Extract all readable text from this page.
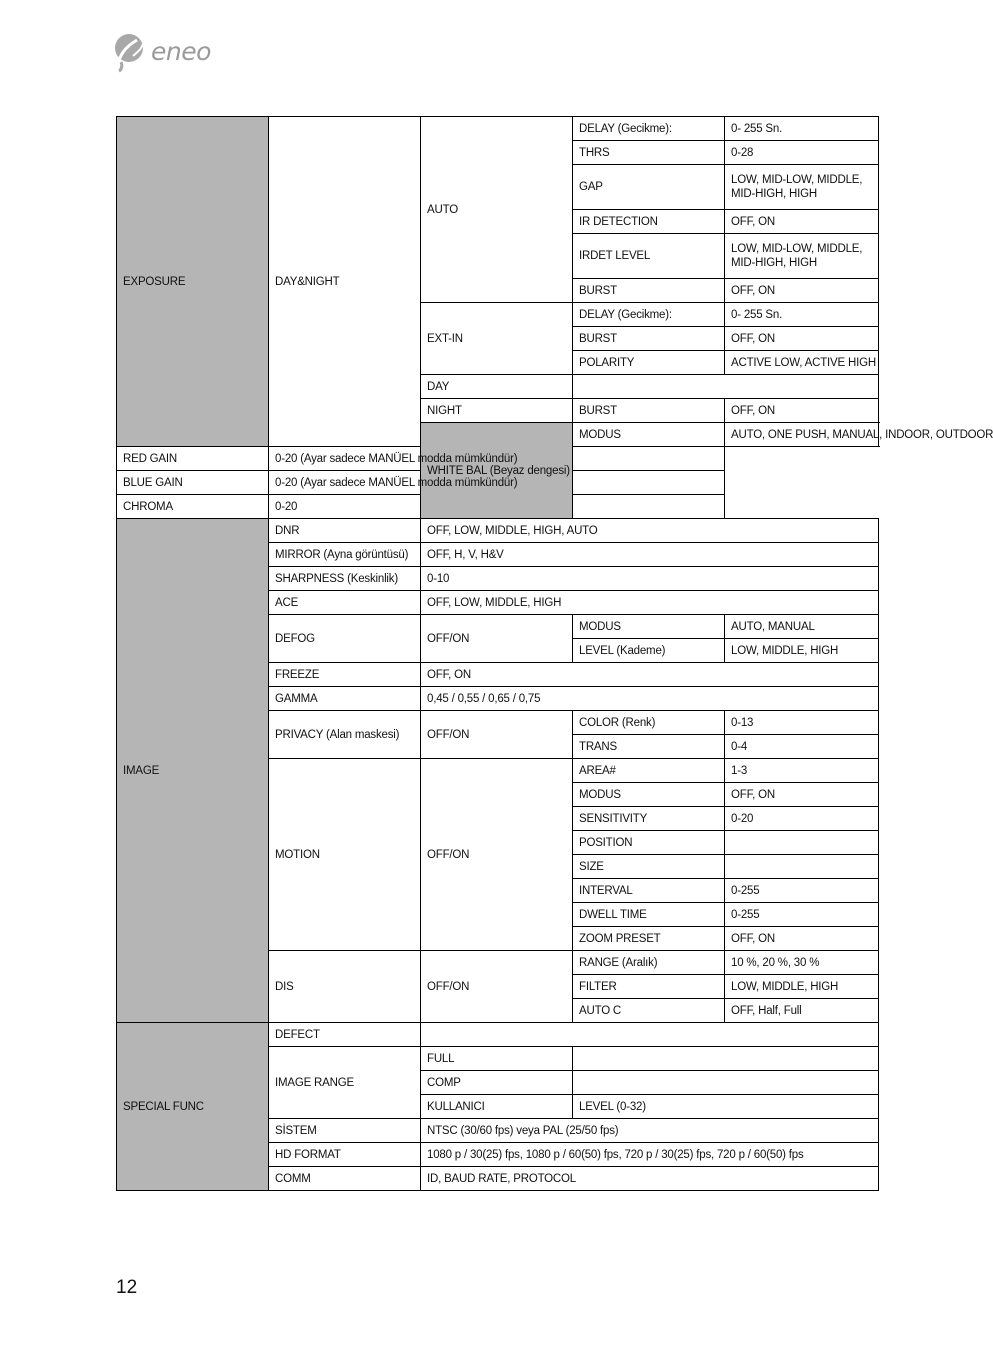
eneo
EXPOSURE	DAY&NIGHT	AUTO	DELAY (Gecikme):	0- 255 Sn.
			THRS	0-28
			GAP	LOW, MID-LOW, MIDDLE, MID-HIGH, HIGH
			IR DETECTION	OFF, ON
			IRDET LEVEL	LOW, MID-LOW, MIDDLE, MID-HIGH, HIGH
			BURST	OFF, ON
		EXT-IN	DELAY (Gecikme):	0- 255 Sn.
			BURST	OFF, ON
			POLARITY	ACTIVE LOW, ACTIVE HIGH
		DAY		
		NIGHT	BURST	OFF, ON
		WHITE BAL (Beyaz dengesi)	MODUS	AUTO, ONE PUSH, MANUAL, INDOOR, OUTDOOR
RED GAIN	0-20 (Ayar sadece MANÜEL modda mümkündür)			
BLUE GAIN	0-20 (Ayar sadece MANÜEL modda mümkündür)			
CHROMA	0-20			
IMAGE	DNR	OFF, LOW, MIDDLE, HIGH, AUTO		
	MIRROR (Ayna görüntüsü)	OFF, H, V, H&V		
	SHARPNESS (Keskinlik)	0-10		
	ACE	OFF, LOW, MIDDLE, HIGH		
	DEFOG	OFF/ON	MODUS	AUTO, MANUAL
			LEVEL (Kademe)	LOW, MIDDLE, HIGH
	FREEZE	OFF, ON		
	GAMMA	0,45 / 0,55 / 0,65 / 0,75		
	PRIVACY (Alan maskesi)	OFF/ON	COLOR (Renk)	0-13
			TRANS	0-4
	MOTION	OFF/ON	AREA#	1-3
			MODUS	OFF, ON
			SENSITIVITY	0-20
			POSITION	
			SIZE	
			INTERVAL	0-255
			DWELL TIME	0-255
			ZOOM PRESET	OFF, ON
	DIS	OFF/ON	RANGE (Aralık)	10 %, 20 %, 30 %
			FILTER	LOW, MIDDLE, HIGH
			AUTO C	OFF, Half, Full
SPECIAL FUNC	DEFECT			
	IMAGE RANGE	FULL		
		COMP		
		KULLANICI	LEVEL (0-32)	
	SİSTEM	NTSC (30/60 fps) veya PAL (25/50 fps)		
	HD FORMAT	1080 p / 30(25) fps, 1080 p / 60(50) fps, 720 p / 30(25) fps, 720 p / 60(50) fps		
	COMM	ID, BAUD RATE, PROTOCOL		
12
